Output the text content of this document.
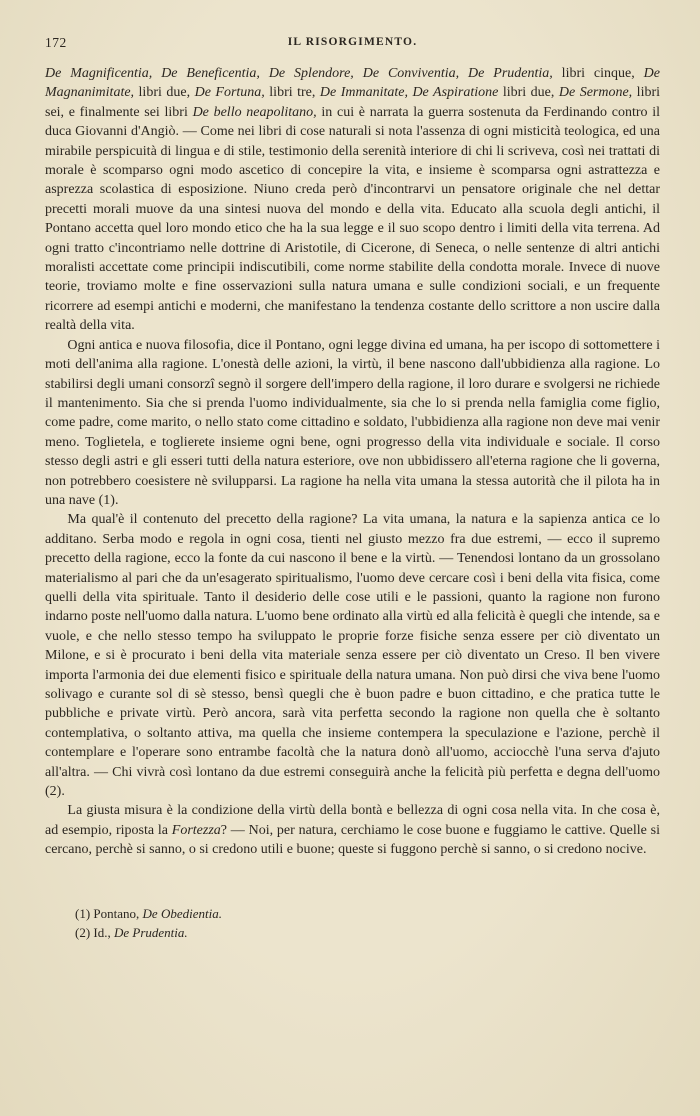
172	IL RISORGIMENTO.

De Magnificentia, De Beneficentia, De Splendore, De Conviventia, De Prudentia, libri cinque, De Magnanimitate, libri due, De Fortuna, libri tre, De Immanitate, De Aspiratione libri due, De Sermone, libri sei, e finalmente sei libri De bello neapolitano, in cui è narrata la guerra sostenuta da Ferdinando contro il duca Giovanni d'Angiò. — Come nei libri di cose naturali si nota l'assenza di ogni misticità teologica, ed una mirabile perspicuità di lingua e di stile, testimonio della serenità interiore di chi li scriveva, così nei trattati di morale è scomparso ogni modo ascetico di concepire la vita, e insieme è scomparsa ogni astrattezza e asprezza scolastica di esposizione. Niuno creda però d'incontrarvi un pensatore originale che nel dettar precetti morali muove da una sintesi nuova del mondo e della vita. Educato alla scuola degli antichi, il Pontano accetta quel loro mondo etico che ha la sua legge e il suo scopo dentro i limiti della vita terrena. Ad ogni tratto c'incontriamo nelle dottrine di Aristotile, di Cicerone, di Seneca, o nelle sentenze di altri antichi moralisti accettate come principii indiscutibili, come norme stabilite della condotta morale. Invece di nuove teorie, troviamo molte e fine osservazioni sulla natura umana e sulle condizioni sociali, e un frequente ricorrere ad esempi antichi e moderni, che manifestano la tendenza costante dello scrittore a non uscire dalla realtà della vita.

Ogni antica e nuova filosofia, dice il Pontano, ogni legge divina ed umana, ha per iscopo di sottomettere i moti dell'anima alla ragione. L'onestà delle azioni, la virtù, il bene nascono dall'ubbidienza alla ragione. Lo stabilirsi degli umani consorzî segnò il sorgere dell'impero della ragione, il loro durare e svolgersi ne richiede il mantenimento. Sia che si prenda l'uomo individualmente, sia che lo si prenda nella famiglia come figlio, come padre, come marito, o nello stato come cittadino e soldato, l'ubbidienza alla ragione non deve mai venir meno. Toglietela, e toglierete insieme ogni bene, ogni progresso della vita individuale e sociale. Il corso stesso degli astri e gli esseri tutti della natura esteriore, ove non ubbidissero all'eterna ragione che li governa, non potrebbero coesistere nè svilupparsi. La ragione ha nella vita umana la stessa autorità che il pilota ha in una nave (1).

Ma qual'è il contenuto del precetto della ragione? La vita umana, la natura e la sapienza antica ce lo additano. Serba modo e regola in ogni cosa, tienti nel giusto mezzo fra due estremi, — ecco il supremo precetto della ragione, ecco la fonte da cui nascono il bene e la virtù. — Tenendosi lontano da un grossolano materialismo al pari che da un'esagerato spiritualismo, l'uomo deve cercare così i beni della vita fisica, come quelli della vita spirituale. Tanto il desiderio delle cose utili e le passioni, quanto la ragione non furono indarno poste nell'uomo dalla natura. L'uomo bene ordinato alla virtù ed alla felicità è quegli che intende, sa e vuole, e che nello stesso tempo ha sviluppato le proprie forze fisiche senza essere per ciò diventato un Milone, e si è procurato i beni della vita materiale senza essere per ciò diventato un Creso. Il ben vivere importa l'armonia dei due elementi fisico e spirituale della natura umana. Non può dirsi che viva bene l'uomo solivago e curante sol di sè stesso, bensì quegli che è buon padre e buon cittadino, e che pratica tutte le pubbliche e private virtù. Però ancora, sarà vita perfetta secondo la ragione non quella che è soltanto contemplativa, o soltanto attiva, ma quella che insieme contempera la speculazione e l'azione, perchè il contemplare e l'operare sono entrambe facoltà che la natura donò all'uomo, acciocchè l'una serva d'ajuto all'altra. — Chi vivrà così lontano da due estremi conseguirà anche la felicità più perfetta e degna dell'uomo (2).

La giusta misura è la condizione della virtù della bontà e bellezza di ogni cosa nella vita. In che cosa è, ad esempio, riposta la Fortezza? — Noi, per natura, cerchiamo le cose buone e fuggiamo le cattive. Quelle si cercano, perchè si sanno, o si credono utili e buone; queste si fuggono perchè si sanno, o si credono nocive.

(1) Pontano, De Obedientia.

(2) Id., De Prudentia.
